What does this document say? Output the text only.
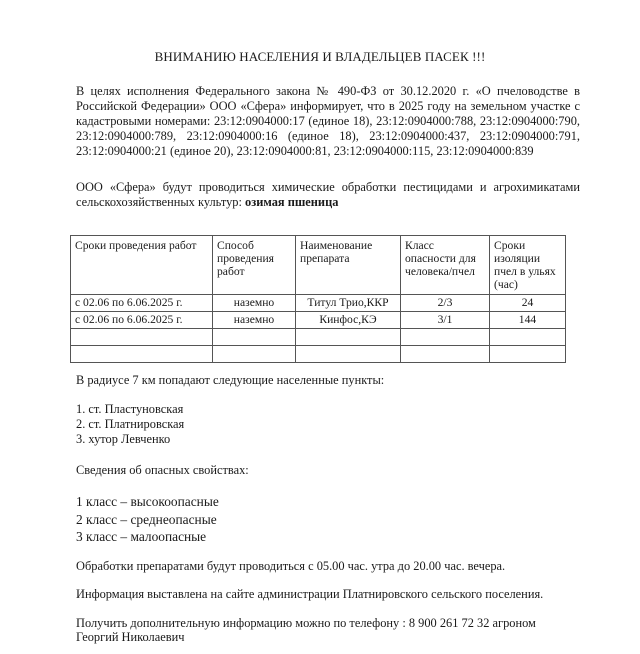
ВНИМАНИЮ НАСЕЛЕНИЯ И ВЛАДЕЛЬЦЕВ ПАСЕК !!!
В целях исполнения Федерального закона № 490-ФЗ от 30.12.2020 г. «О пчеловодстве в Российской Федерации» ООО «Сфера» информирует, что в 2025 году на земельном участке с кадастровыми номерами: 23:12:0904000:17 (единое 18), 23:12:0904000:788, 23:12:0904000:790, 23:12:0904000:789, 23:12:0904000:16 (единое 18), 23:12:0904000:437, 23:12:0904000:791, 23:12:0904000:21 (единое 20), 23:12:0904000:81, 23:12:0904000:115, 23:12:0904000:839
ООО «Сфера» будут проводиться химические обработки пестицидами и агрохимикатами сельскохозяйственных культур: озимая пшеница
Сроки проведения работ	Способ проведения работ	Наименование препарата	Класс опасности для человека/пчел	Сроки изоляции пчел в ульях (час)
с 02.06 по 6.06.2025 г.	наземно	Титул Трио,ККР	2/3	24
с 02.06 по 6.06.2025 г.	наземно	Кинфос,КЭ	3/1	144

В радиусе 7 км попадают следующие населенные пункты:
1. ст. Пластуновская
2. ст. Платнировская
3. хутор Левченко
Сведения об опасных свойствах:
1 класс – высокоопасные
2 класс – среднеопасные
3 класс – малоопасные
Обработки препаратами будут проводиться с 05.00 час. утра до 20.00 час. вечера.
Информация выставлена на сайте администрации Платнировского сельского поселения.
Получить дополнительную информацию можно по телефону : 8 900 261 72 32 агроном
Георгий Николаевич
